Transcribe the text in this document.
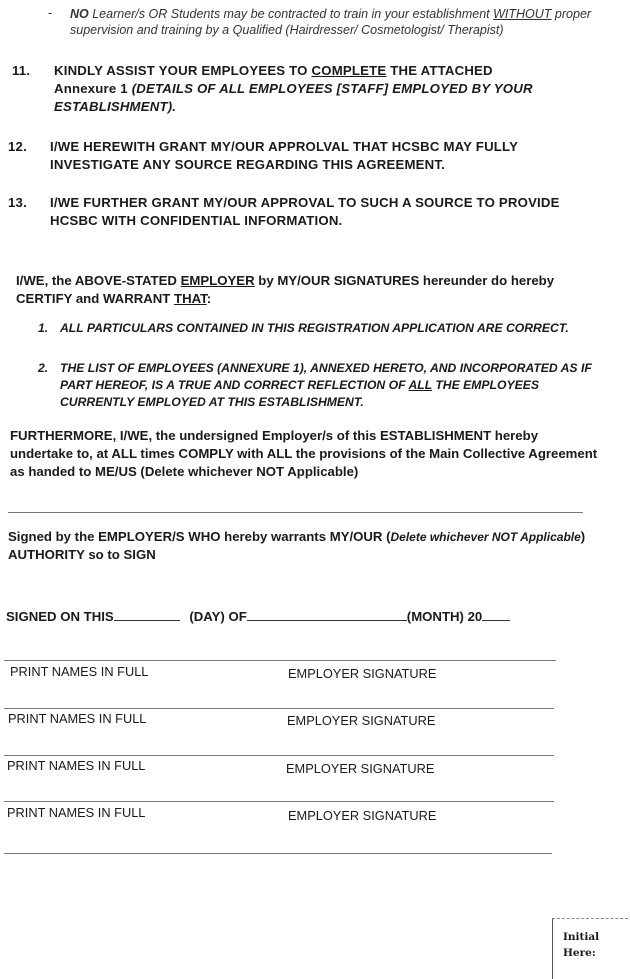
- NO Learner/s OR Students may be contracted to train in your establishment WITHOUT proper supervision and training by a Qualified (Hairdresser/ Cosmetologist/ Therapist)
11. KINDLY ASSIST YOUR EMPLOYEES TO COMPLETE THE ATTACHED
Annexure 1 (DETAILS OF ALL EMPLOYEES [STAFF] EMPLOYED BY YOUR ESTABLISHMENT).
12. I/WE HEREWITH GRANT MY/OUR APPROLVAL THAT HCSBC MAY FULLY INVESTIGATE ANY SOURCE REGARDING THIS AGREEMENT.
13. I/WE FURTHER GRANT MY/OUR APPROVAL TO SUCH A SOURCE TO PROVIDE HCSBC WITH CONFIDENTIAL INFORMATION.
I/WE, the ABOVE-STATED EMPLOYER by MY/OUR SIGNATURES hereunder do hereby CERTIFY and WARRANT THAT:
1. ALL PARTICULARS CONTAINED IN THIS REGISTRATION APPLICATION ARE CORRECT.
2. THE LIST OF EMPLOYEES (ANNEXURE 1), ANNEXED HERETO, AND INCORPORATED AS IF PART HEREOF, IS A TRUE AND CORRECT REFLECTION OF ALL THE EMPLOYEES CURRENTLY EMPLOYED AT THIS ESTABLISHMENT.
FURTHERMORE, I/WE, the undersigned Employer/s of this ESTABLISHMENT hereby undertake to, at ALL times COMPLY with ALL the provisions of the Main Collective Agreement as handed to ME/US (Delete whichever NOT Applicable)
Signed by the EMPLOYER/S WHO hereby warrants MY/OUR (Delete whichever NOT Applicable) AUTHORITY so to SIGN
SIGNED ON THIS	(DAY) OF	(MONTH) 20
PRINT NAMES IN FULL	EMPLOYER SIGNATURE
PRINT NAMES IN FULL	EMPLOYER SIGNATURE
PRINT NAMES IN FULL	EMPLOYER SIGNATURE
PRINT NAMES IN FULL	EMPLOYER SIGNATURE
Initial
Here:
